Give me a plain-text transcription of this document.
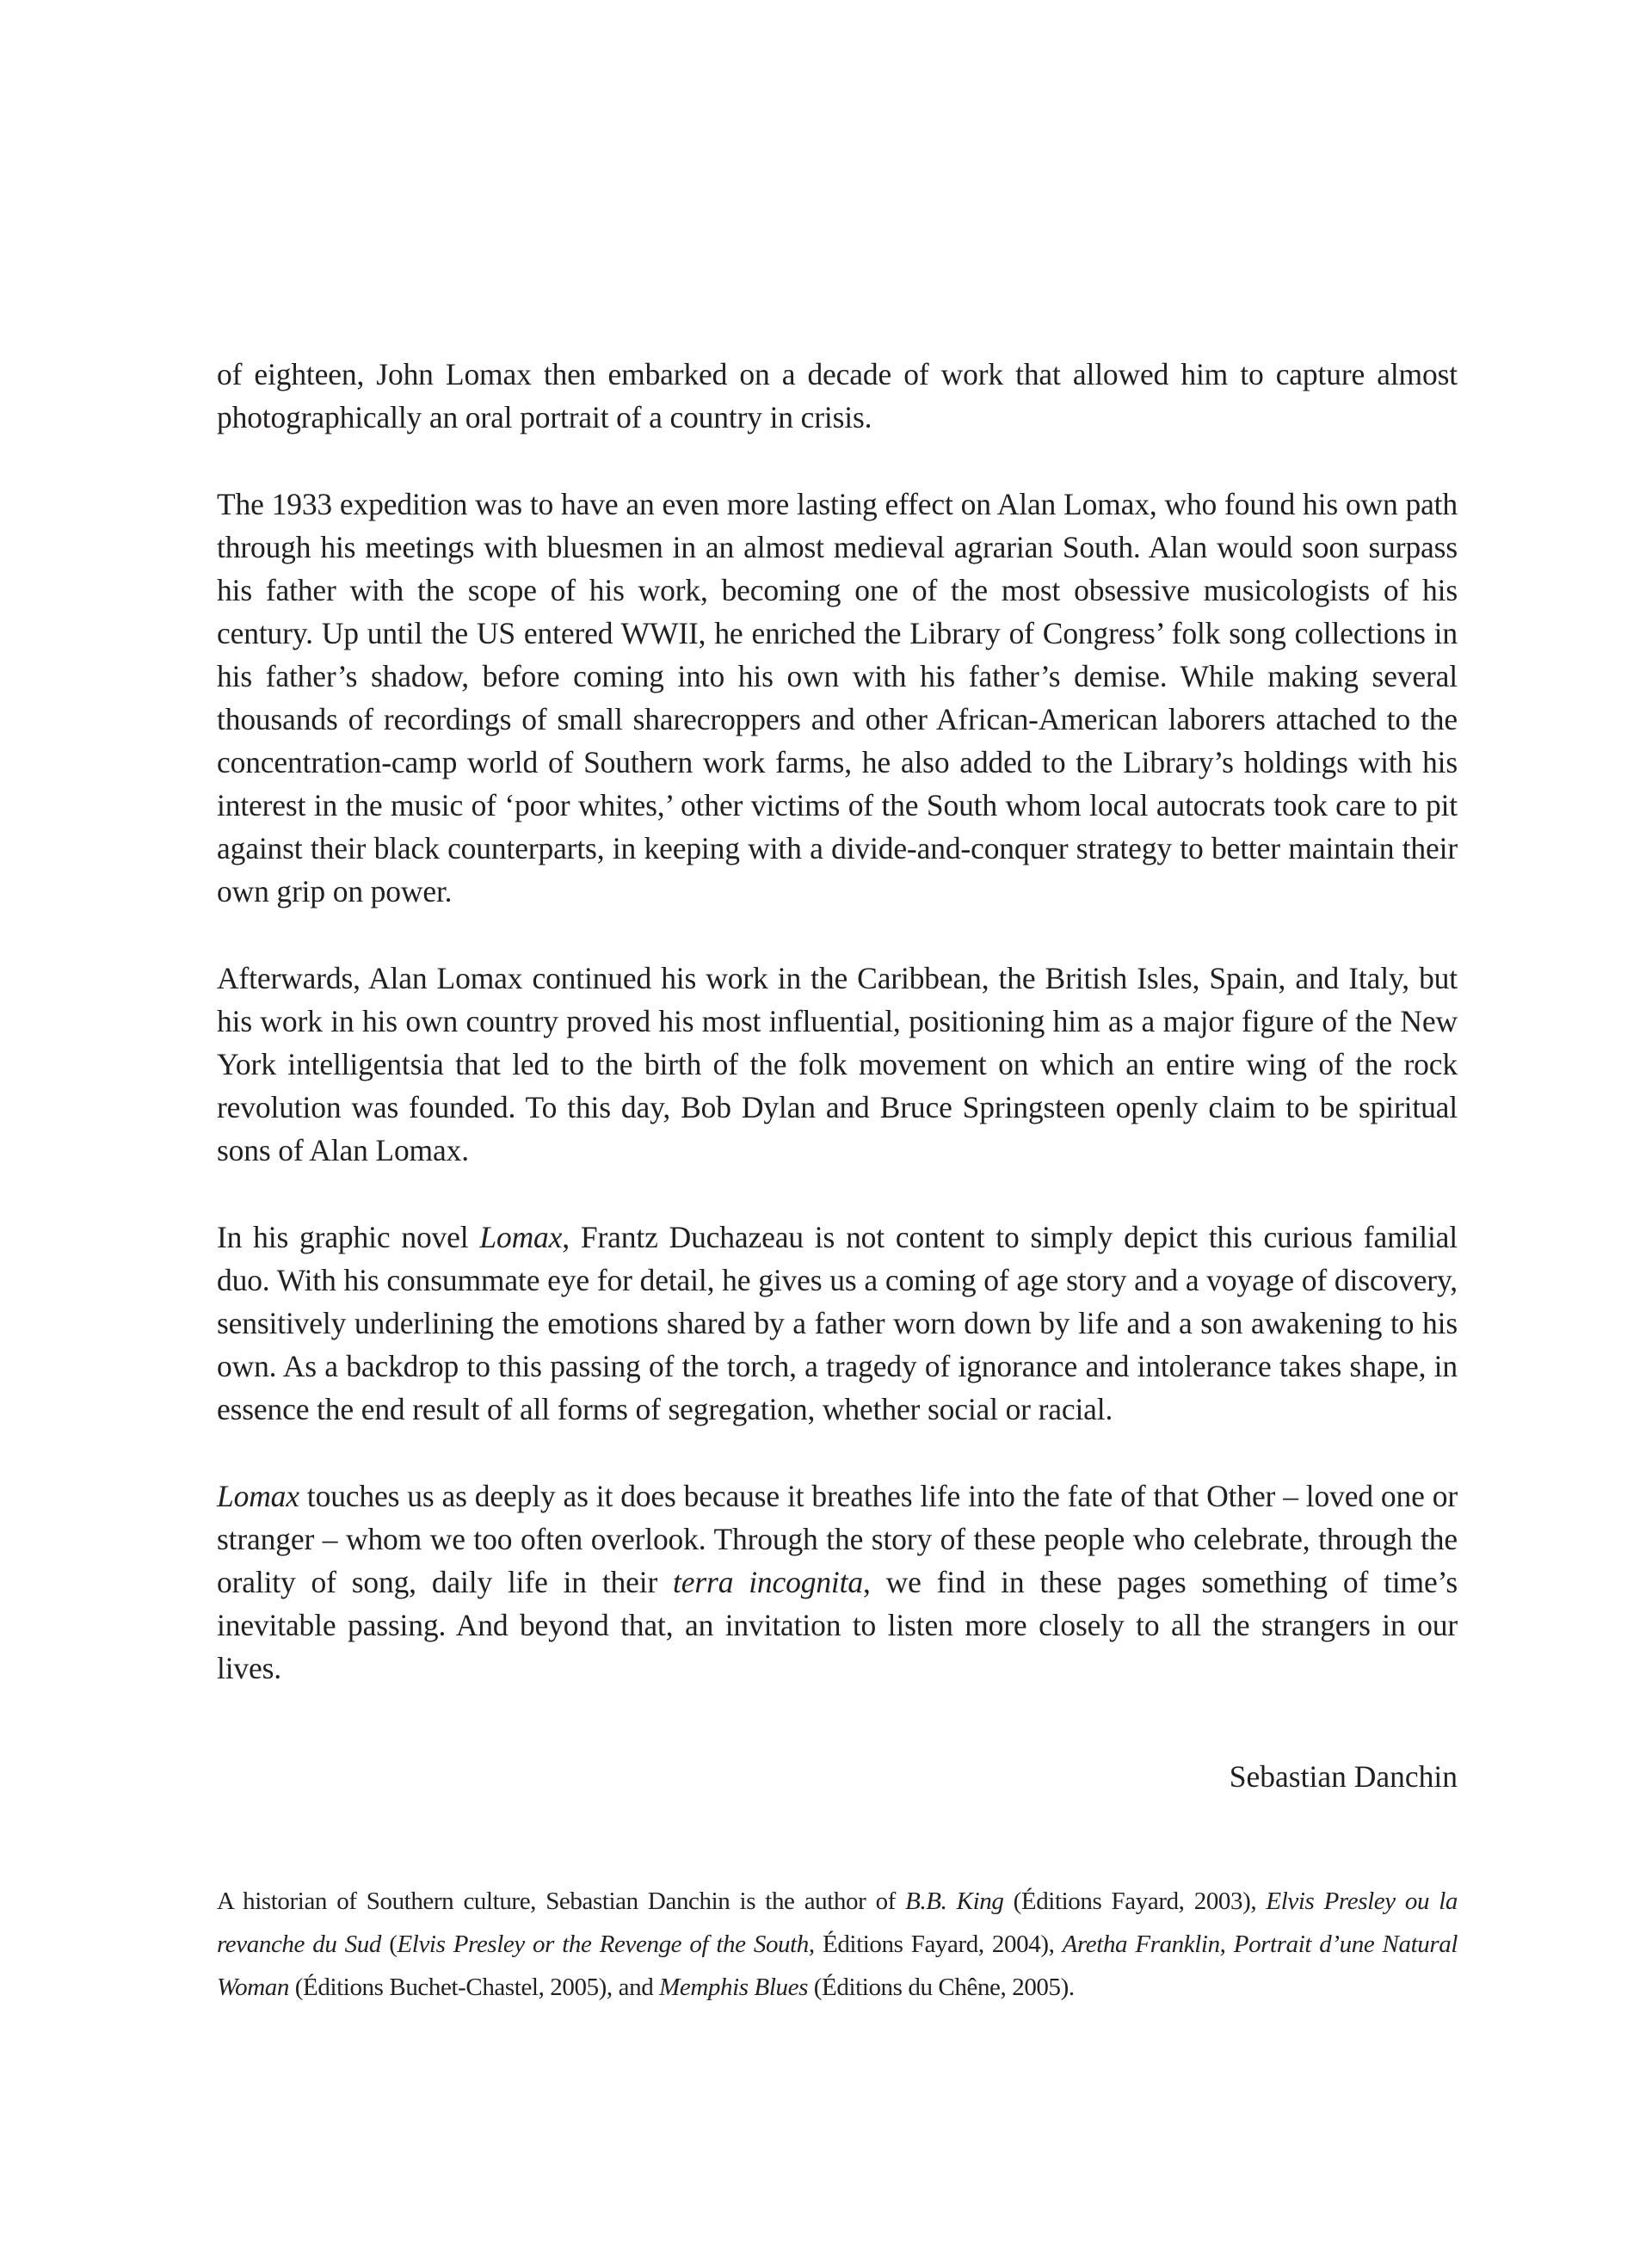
of eighteen, John Lomax then embarked on a decade of work that allowed him to capture almost photographically an oral portrait of a country in crisis.

The 1933 expedition was to have an even more lasting effect on Alan Lomax, who found his own path through his meetings with bluesmen in an almost medieval agrarian South. Alan would soon surpass his father with the scope of his work, becoming one of the most obsessive musicologists of his century. Up until the US entered WWII, he enriched the Library of Congress’ folk song collections in his father’s shadow, before coming into his own with his father’s demise. While making several thousands of recordings of small sharecroppers and other African-American laborers attached to the concentration-camp world of Southern work farms, he also added to the Library’s holdings with his interest in the music of ‘poor whites,’ other victims of the South whom local autocrats took care to pit against their black counterparts, in keeping with a divide-and-conquer strategy to better maintain their own grip on power.

Afterwards, Alan Lomax continued his work in the Caribbean, the British Isles, Spain, and Italy, but his work in his own country proved his most influential, positioning him as a major figure of the New York intelligentsia that led to the birth of the folk movement on which an entire wing of the rock revolution was founded. To this day, Bob Dylan and Bruce Springsteen openly claim to be spiritual sons of Alan Lomax.

In his graphic novel Lomax, Frantz Duchazeau is not content to simply depict this curious familial duo. With his consummate eye for detail, he gives us a coming of age story and a voyage of discovery, sensitively underlining the emotions shared by a father worn down by life and a son awakening to his own. As a backdrop to this passing of the torch, a tragedy of ignorance and intolerance takes shape, in essence the end result of all forms of segregation, whether social or racial.

Lomax touches us as deeply as it does because it breathes life into the fate of that Other – loved one or stranger – whom we too often overlook. Through the story of these people who celebrate, through the orality of song, daily life in their terra incognita, we find in these pages something of time’s inevitable passing. And beyond that, an invitation to listen more closely to all the strangers in our lives.

Sebastian Danchin

A historian of Southern culture, Sebastian Danchin is the author of B.B. King (Éditions Fayard, 2003), Elvis Presley ou la revanche du Sud (Elvis Presley or the Revenge of the South, Éditions Fayard, 2004), Aretha Franklin, Portrait d’une Natural Woman (Éditions Buchet-Chastel, 2005), and Memphis Blues (Éditions du Chêne, 2005).
